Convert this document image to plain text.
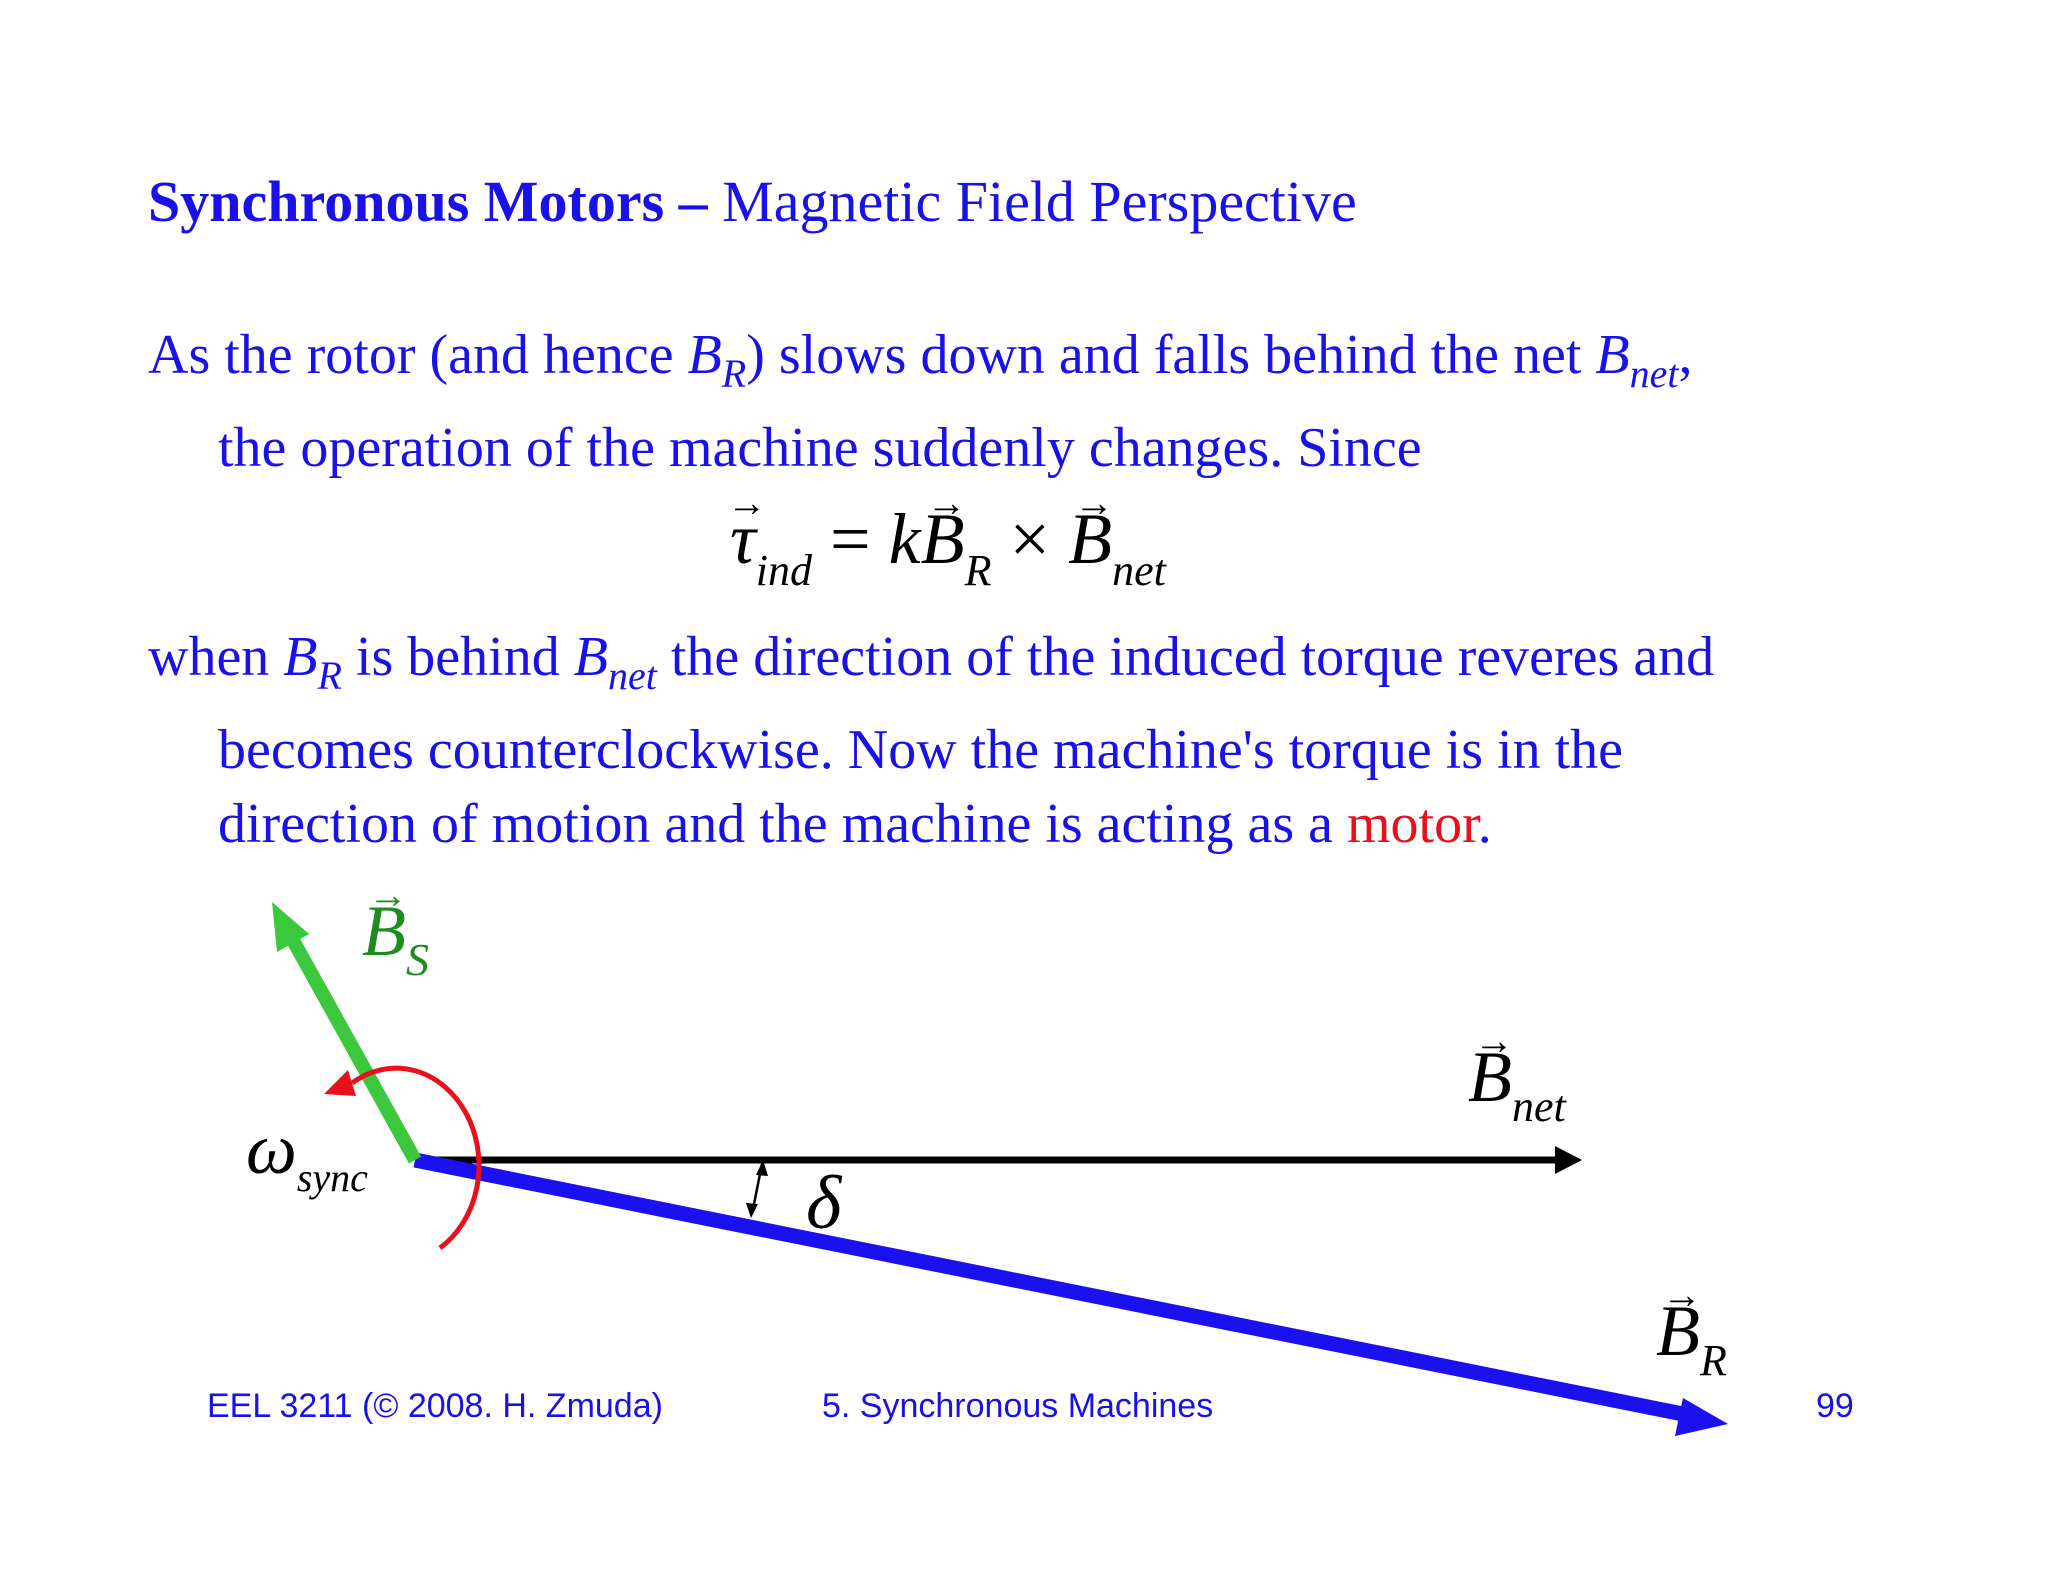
Synchronous Motors – Magnetic Field Perspective
As the rotor (and hence $B_R$) slows down and falls behind the net $B_{net}$,
the operation of the machine suddenly changes. Since
→ $\tau_{ind} = k\to B_R$ × → $B_{net}$
when $B_R$ is behind $B_{net}$ the direction of the induced torque reveres and
becomes counterclockwise. Now the machine's torque is in the
direction of motion and the machine is acting as a motor.
→ $B_S$
→ $B_{net}$
→ $B_R$
$\omega_{sync}$	δ
EEL 3211 (© 2008. H. Zmuda)	5. Synchronous Machines	99
